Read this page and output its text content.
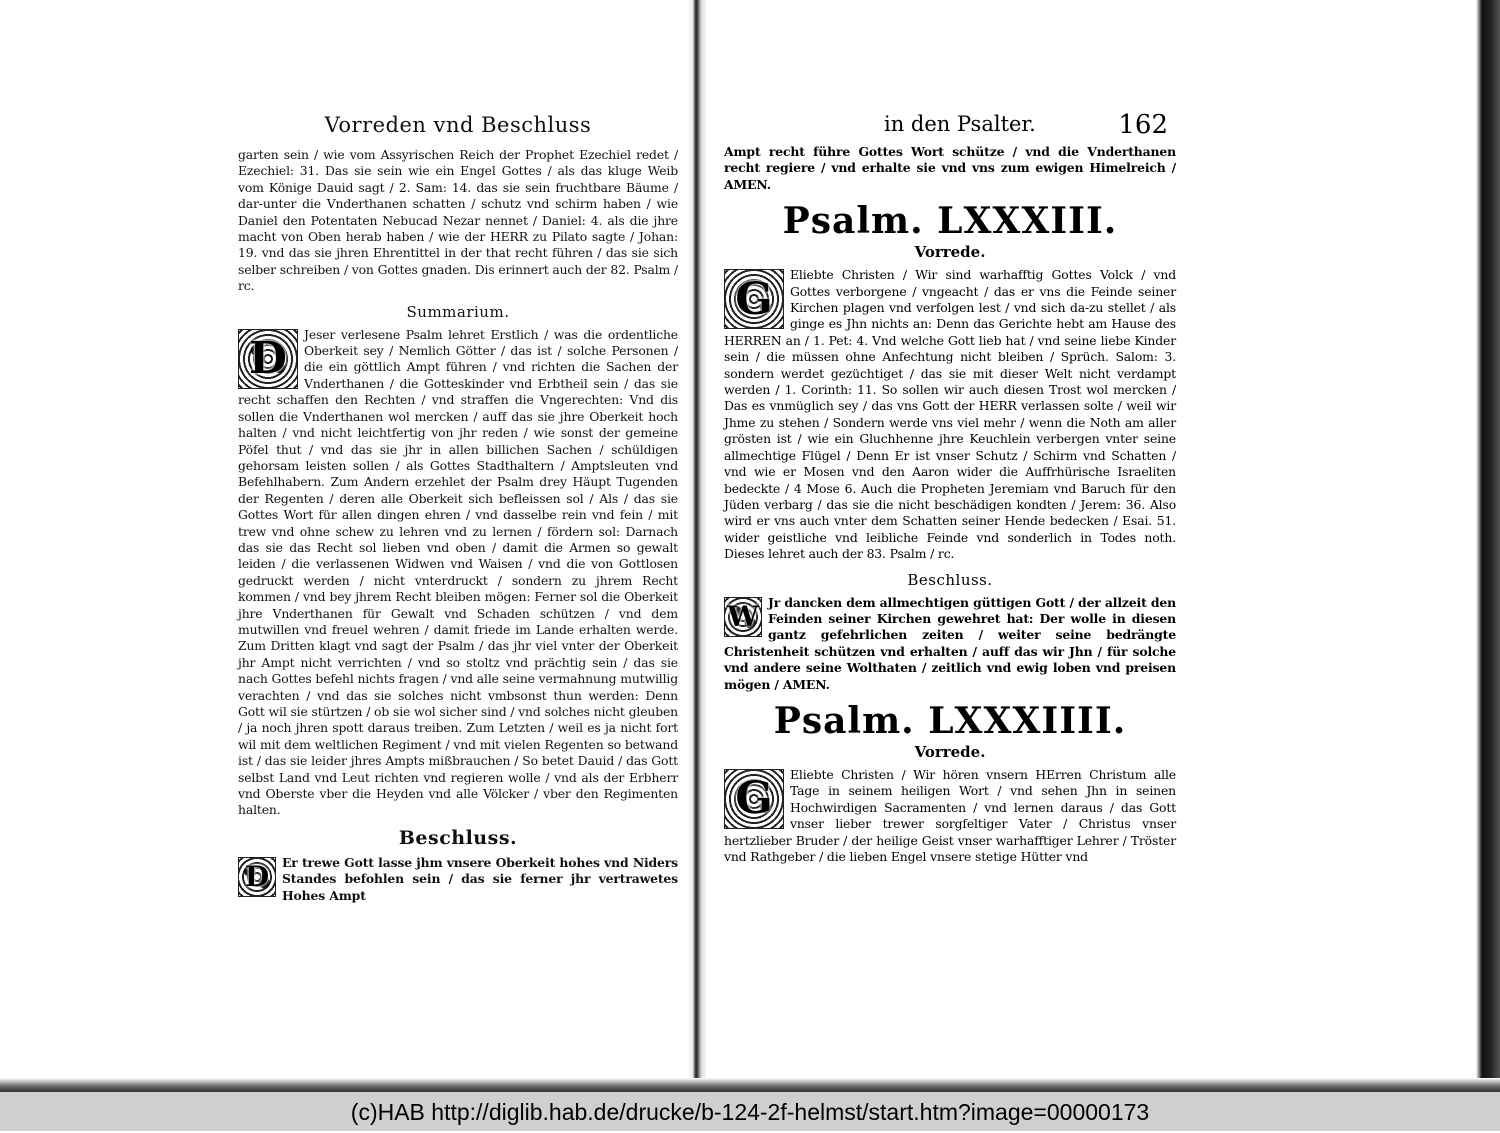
Vorreden vnd Beschluss

garten sein / wie vom Assyrischen Reich der Prophet Ezechiel redet / Ezechiel: 31. Das sie sein wie ein Engel Gottes / als das kluge Weib vom Könige Dauid sagt / 2. Sam: 14. das sie sein fruchtbare Bäume / dar-unter die Vnderthanen schatten / schutz vnd schirm haben / wie Daniel den Potentaten Nebucad Nezar nennet / Daniel: 4. als die jhre macht von Oben herab haben / wie der HERR zu Pilato sagte / Johan: 19. vnd das sie jhren Ehrentittel in der that recht führen / das sie sich selber schreiben / von Gottes gnaden. Dis erinnert auch der 82. Psalm / rc.

Summarium.
D	Jeser verlesene Psalm lehret Erstlich / was die ordentliche Oberkeit sey / Nemlich Götter / das ist / solche Personen / die ein göttlich Ampt führen / vnd richten die Sachen der Vnderthanen / die Gotteskinder vnd Erbtheil sein / das sie recht schaffen den Rechten / vnd straffen die Vngerechten: Vnd dis sollen die Vnderthanen wol mercken / auff das sie jhre Oberkeit hoch halten / vnd nicht leichtfertig von jhr reden / wie sonst der gemeine Pöfel thut / vnd das sie jhr in allen billichen Sachen / schüldigen gehorsam leisten sollen / als Gottes Stadthaltern / Amptsleuten vnd Befehlhabern. Zum Andern erzehlet der Psalm drey Häupt Tugenden der Regenten / deren alle Oberkeit sich befleissen sol / Als / das sie Gottes Wort für allen dingen ehren / vnd dasselbe rein vnd fein / mit trew vnd ohne schew zu lehren vnd zu lernen / fördern sol: Darnach das sie das Recht sol lieben vnd oben / damit die Armen so gewalt leiden / die verlassenen Widwen vnd Waisen / vnd die von Gottlosen gedruckt werden / nicht vnterdruckt / sondern zu jhrem Recht kommen / vnd bey jhrem Recht bleiben mögen: Ferner sol die Oberkeit jhre Vnderthanen für Gewalt vnd Schaden schützen / vnd dem mutwillen vnd freuel wehren / damit friede im Lande erhalten werde. Zum Dritten klagt vnd sagt der Psalm / das jhr viel vnter der Oberkeit jhr Ampt nicht verrichten / vnd so stoltz vnd prächtig sein / das sie nach Gottes befehl nichts fragen / vnd alle seine vermahnung mutwillig verachten / vnd das sie solches nicht vmbsonst thun werden: Denn Gott wil sie stürtzen / ob sie wol sicher sind / vnd solches nicht gleuben / ja noch jhren spott daraus treiben. Zum Letzten / weil es ja nicht fort wil mit dem weltlichen Regiment / vnd mit vielen Regenten so betwand ist / das sie leider jhres Ampts mißbrauchen / So betet Dauid / das Gott selbst Land vnd Leut richten vnd regieren wolle / vnd als der Erbherr vnd Oberste vber die Heyden vnd alle Völcker / vber den Regimenten halten.

Beschluss.
D	Er trewe Gott lasse jhm vnsere Oberkeit hohes vnd Niders Standes befohlen sein / das sie ferner jhr vertrawetes Hohes Ampt

in den Psalter.	162

Ampt recht führe Gottes Wort schütze / vnd die Vnderthanen recht regiere / vnd erhalte sie vnd vns zum ewigen Himelreich / AMEN.

Psalm. LXXXIII.
Vorrede.
G	Eliebte Christen / Wir sind warhafftig Gottes Volck / vnd Gottes verborgene / vngeacht / das er vns die Feinde seiner Kirchen plagen vnd verfolgen lest / vnd sich da-zu stellet / als ginge es Jhn nichts an: Denn das Gerichte hebt am Hause des HERREN an / 1. Pet: 4. Vnd welche Gott lieb hat / vnd seine liebe Kinder sein / die müssen ohne Anfechtung nicht bleiben / Sprüch. Salom: 3. sondern werdet gezüchtiget / das sie mit dieser Welt nicht verdampt werden / 1. Corinth: 11. So sollen wir auch diesen Trost wol mercken / Das es vnmüglich sey / das vns Gott der HERR verlassen solte / weil wir Jhme zu stehen / Sondern werde vns viel mehr / wenn die Noth am aller grösten ist / wie ein Gluchhenne jhre Keuchlein verbergen vnter seine allmechtige Flügel / Denn Er ist vnser Schutz / Schirm vnd Schatten / vnd wie er Mosen vnd den Aaron wider die Auffrhürische Israeliten bedeckte / 4 Mose 6. Auch die Propheten Jeremiam vnd Baruch für den Jüden verbarg / das sie die nicht beschädigen kondten / Jerem: 36. Also wird er vns auch vnter dem Schatten seiner Hende bedecken / Esai. 51. wider geistliche vnd leibliche Feinde vnd sonderlich in Todes noth. Dieses lehret auch der 83. Psalm / rc.

Beschluss.
W Jr dancken dem allmechtigen güttigen Gott / der allzeit den Feinden seiner Kirchen gewehret hat: Der wolle in diesen gantz gefehrlichen zeiten / weiter seine bedrängte Christenheit schützen vnd erhalten / auff das wir Jhn / für solche vnd andere seine Wolthaten / zeitlich vnd ewig loben vnd preisen mögen / AMEN.

Psalm. LXXXIIII.
Vorrede.
G	Eliebte Christen / Wir hören vnsern HErren Christum alle Tage in seinem heiligen Wort / vnd sehen Jhn in seinen Hochwirdigen Sacramenten / vnd lernen daraus / das Gott vnser lieber trewer sorgfeltiger Vater / Christus vnser hertzlieber Bruder / der heilige Geist vnser warhafftiger Lehrer / Tröster vnd Rathgeber / die lieben Engel vnsere stetige Hütter vnd

(c)HAB http://diglib.hab.de/drucke/b-124-2f-helmst/start.htm?image=00000173
